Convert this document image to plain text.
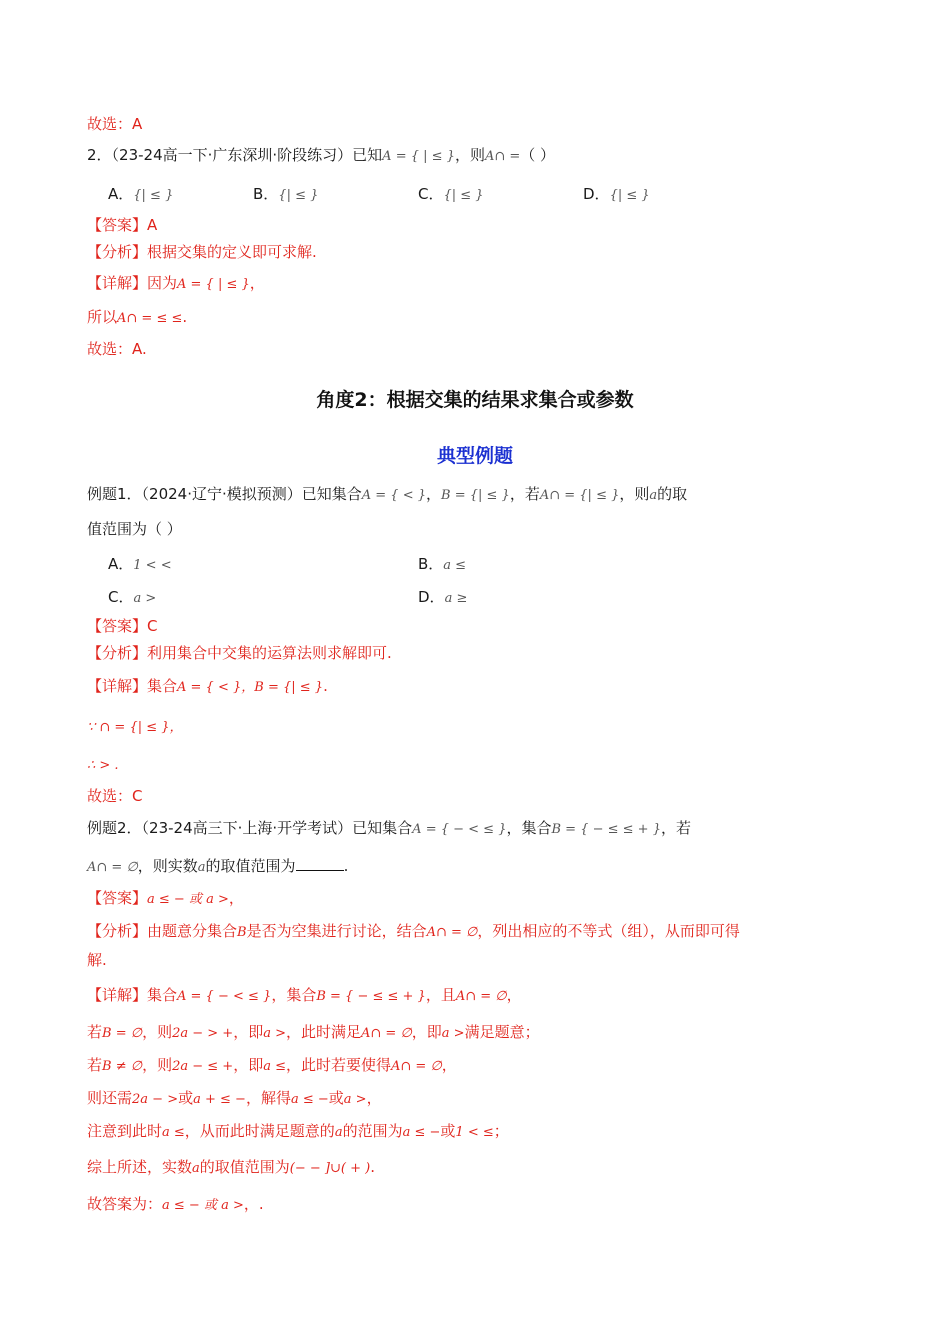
故选：A
2．（23-24高一下·广东深圳·阶段练习）已知A = { | ≤ }，则A∩ =（ ）
A．{| ≤ }	B．{| ≤ }	C．{| ≤ }	D．{| ≤ }
【答案】A
【分析】根据交集的定义即可求解.
【详解】因为A = { | ≤ }，
所以A∩ = ≤ ≤.
故选：A.
角度2：根据交集的结果求集合或参数
典型例题
例题1．（2024·辽宁·模拟预测）已知集合A = { < }，B = {| ≤ }，若A∩ = {| ≤ }，则a的取
值范围为（ ）
A．1 < <	B．a ≤
C．a >	D．a ≥
【答案】C
【分析】利用集合中交集的运算法则求解即可.
【详解】集合A = { < }，B = {| ≤ }.
∵ ∩ = {| ≤ }，
∴ > .
故选：C
例题2．（23-24高三下·上海·开学考试）已知集合A = { − < ≤ }，集合B = { − ≤ ≤ + }，若
A∩ = ∅，则实数a的取值范围为	.
【答案】a ≤ − 或 a >，
【分析】由题意分集合B是否为空集进行讨论，结合A∩ = ∅，列出相应的不等式（组），从而即可得
解.
【详解】集合A = { − < ≤ }，集合B = { − ≤ ≤ + }，且A∩ = ∅，
若B = ∅，则2a − > +，即a >，此时满足A∩ = ∅，即a >满足题意；
若B ≠ ∅，则2a − ≤ +，即a ≤，此时若要使得A∩ = ∅，
则还需2a − >或a + ≤ −，解得a ≤ −或a >，
注意到此时a ≤，从而此时满足题意的a的范围为a ≤ −或1 < ≤；
综上所述，实数a的取值范围为(− − ]∪( + ).
故答案为：a ≤ − 或 a >，.
